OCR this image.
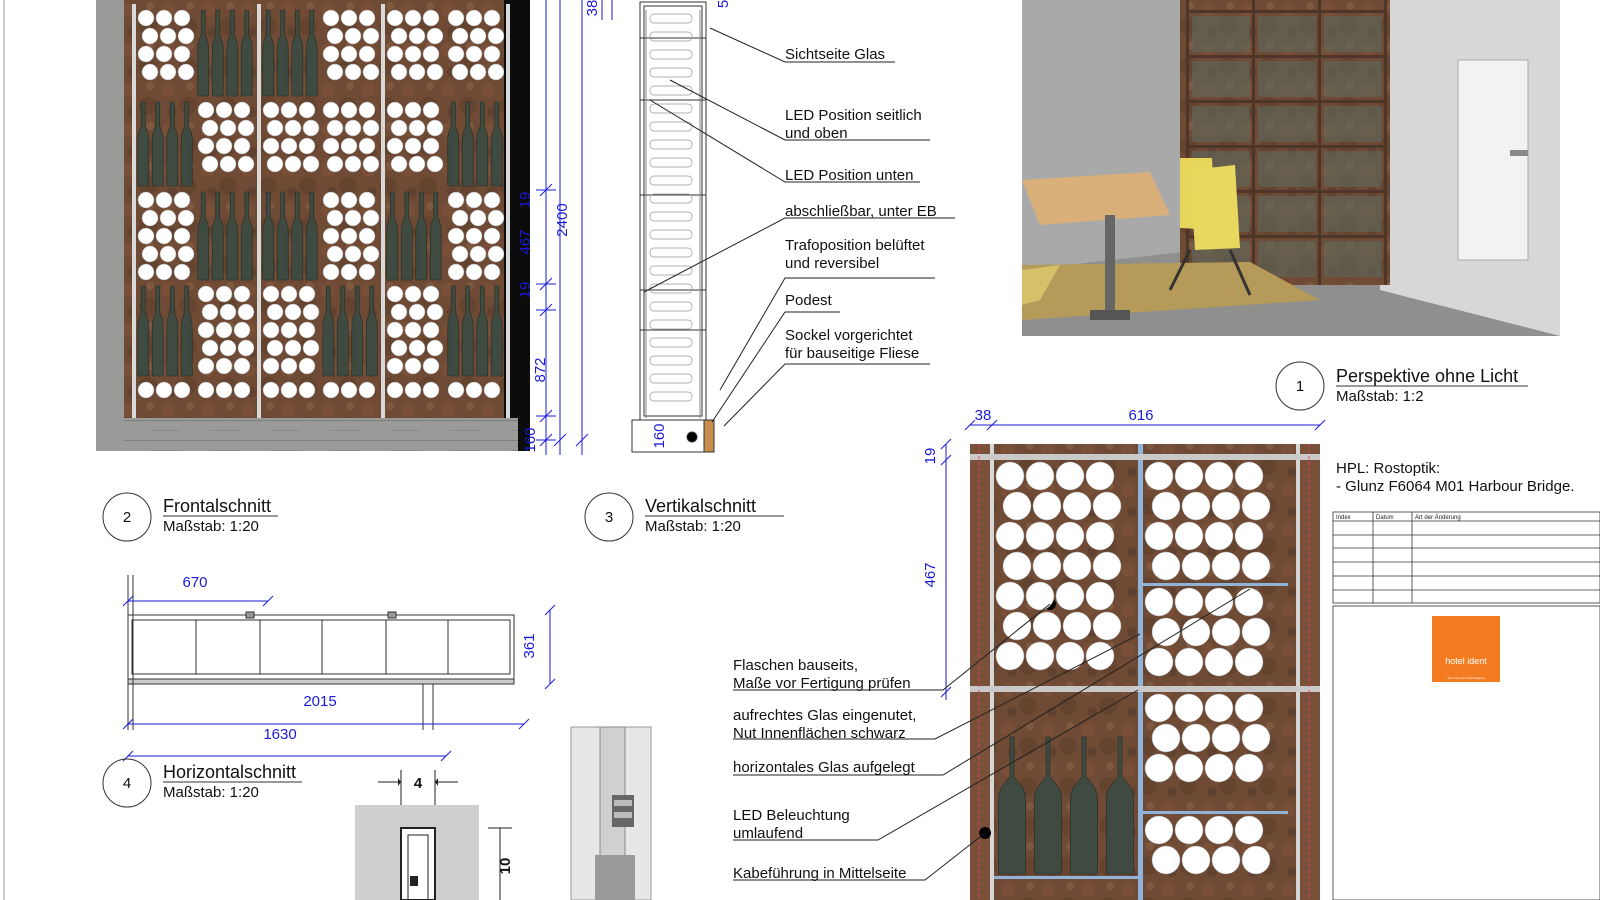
19
467
19
2400
872
160
38	5
160
Sichtseite Glas
LED Position seitlich
und oben
LED Position unten
abschließbar, unter EB
Trafoposition belüftet
und reversibel
Podest
Sockel vorgerichtet
für bauseitige Fliese
1
Perspektive ohne Licht
Maßstab: 1:2
2
Frontalschnitt
Maßstab: 1:20
3
Vertikalschnitt
Maßstab: 1:20
670
361
2015
1630
4
Horizontalschnitt
Maßstab: 1:20
4
10
38	616
19
467
Flaschen bauseits,
Maße vor Fertigung prüfen
aufrechtes Glas eingenutet,
Nut Innenflächen schwarz
horizontales Glas aufgelegt
LED Beleuchtung
umlaufend
Kabeführung in Mittelseite
HPL: Rostoptik:
- Glunz F6064 M01 Harbour Bridge.
Index	Datum	Art der Änderung
hotel ident
Die Kunst der Umfriedigung
